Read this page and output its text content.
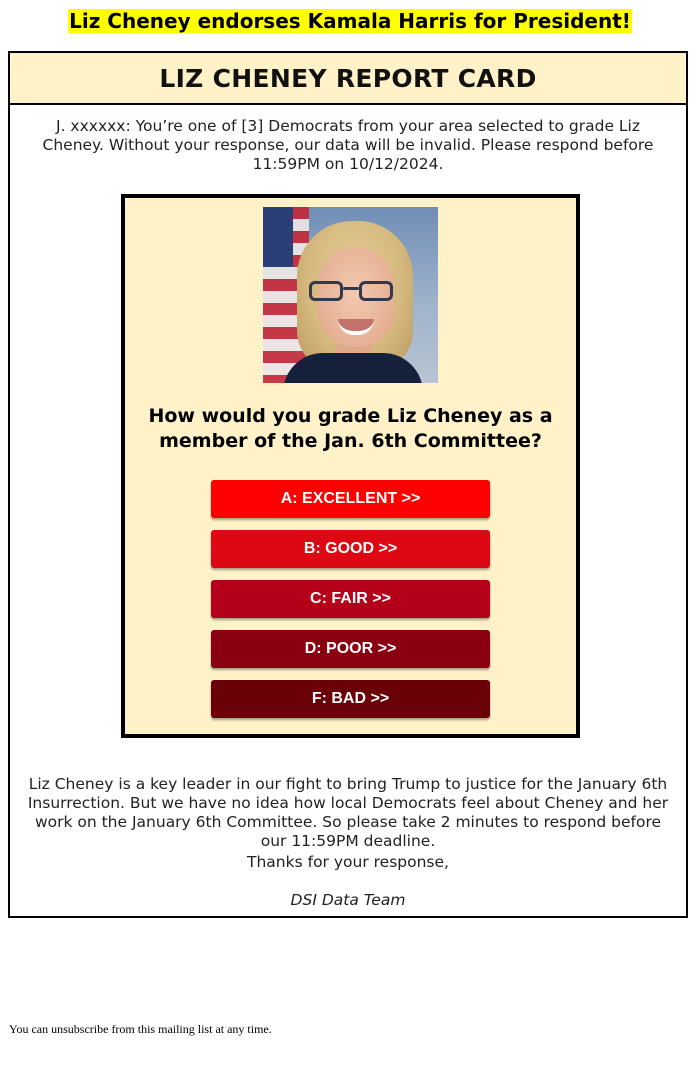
Liz Cheney endorses Kamala Harris for President!
LIZ CHENEY REPORT CARD

J. xxxxxx: You’re one of [3] Democrats from your area selected to grade Liz Cheney. Without your response, our data will be invalid. Please respond before 11:59PM on 10/12/2024.

How would you grade Liz Cheney as a member of the Jan. 6th Committee?
A: EXCELLENT >>
B: GOOD >>
C: FAIR >>
D: POOR >>
F: BAD >>

Liz Cheney is a key leader in our fight to bring Trump to justice for the January 6th Insurrection. But we have no idea how local Democrats feel about Cheney and her work on the January 6th Committee. So please take 2 minutes to respond before our 11:59PM deadline.

Thanks for your response,
DSI Data Team
You can unsubscribe from this mailing list at any time.
